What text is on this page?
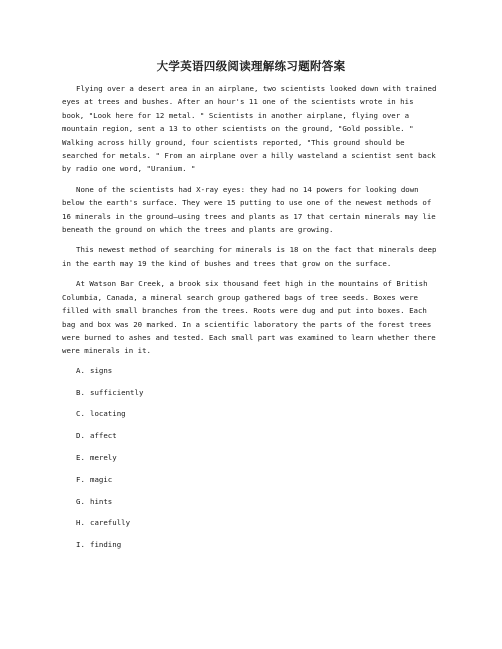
大学英语四级阅读理解练习题附答案

Flying over a desert area in an airplane, two scientists looked down with trained eyes at trees and bushes. After an hour's 11 one of the scientists wrote in his book, "Look here for 12 metal. " Scientists in another airplane, flying over a mountain region, sent a 13 to other scientists on the ground, "Gold possible. " Walking across hilly ground, four scientists reported, "This ground should be searched for metals. " From an airplane over a hilly wasteland a scientist sent back by radio one word, "Uranium. "

None of the scientists had X-ray eyes: they had no 14 powers for looking down below the earth's surface. They were 15 putting to use one of the newest methods of 16 minerals in the ground—using trees and plants as 17 that certain minerals may lie beneath the ground on which the trees and plants are growing.

This newest method of searching for minerals is 18 on the fact that minerals deep in the earth may 19 the kind of bushes and trees that grow on the surface.

At Watson Bar Creek, a brook six thousand feet high in the mountains of British Columbia, Canada, a mineral search group gathered bags of tree seeds. Boxes were filled with small branches from the trees. Roots were dug and put into boxes. Each bag and box was 20 marked. In a scientific laboratory the parts of the forest trees were burned to ashes and tested. Each small part was examined to learn whether there were minerals in it.

A. signs
B. sufficiently
C. locating
D. affect
E. merely
F. magic
G. hints
H. carefully
I. finding
